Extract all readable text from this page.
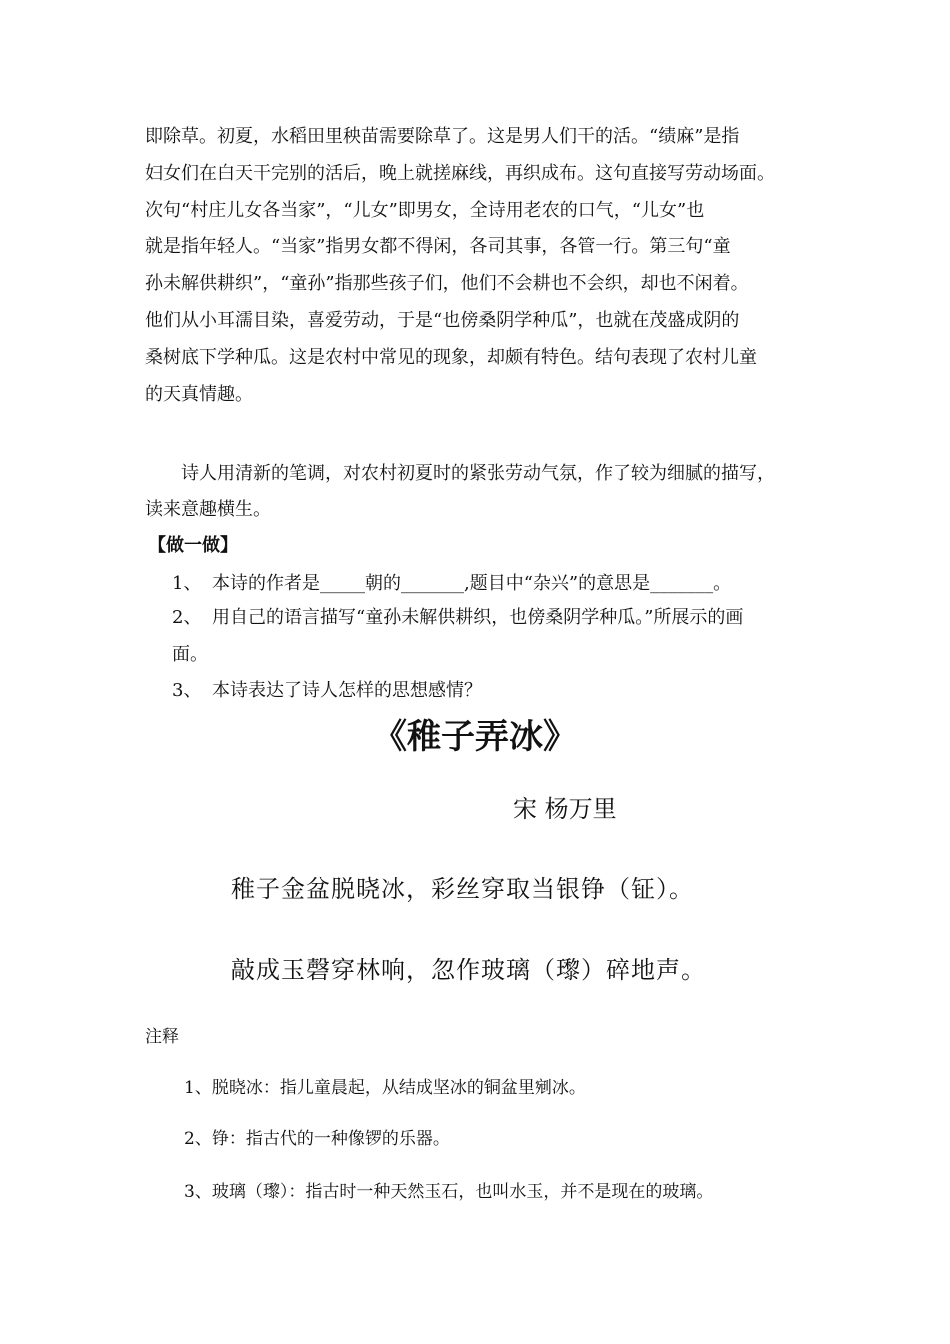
即除草。初夏，水稻田里秧苗需要除草了。这是男人们干的活。“绩麻”是指
妇女们在白天干完别的活后，晚上就搓麻线，再织成布。这句直接写劳动场面。
次句“村庄儿女各当家”，“儿女”即男女，全诗用老农的口气，“儿女”也
就是指年轻人。“当家”指男女都不得闲，各司其事，各管一行。第三句“童
孙未解供耕织”，“童孙”指那些孩子们，他们不会耕也不会织，却也不闲着。
他们从小耳濡目染，喜爱劳动，于是“也傍桑阴学种瓜”，也就在茂盛成阴的
桑树底下学种瓜。这是农村中常见的现象，却颇有特色。结句表现了农村儿童
的天真情趣。
诗人用清新的笔调，对农村初夏时的紧张劳动气氛，作了较为细腻的描写，
读来意趣横生。
【做一做】
1、 本诗的作者是_____朝的_______,题目中“杂兴”的意思是_______。
2、 用自己的语言描写“童孙未解供耕织，也傍桑阴学种瓜。”所展示的画
面。
3、 本诗表达了诗人怎样的思想感情？
《稚子弄冰》
宋 杨万里
稚子金盆脱晓冰，彩丝穿取当银铮（钲）。
敲成玉磬穿林响，忽作玻璃（瓈）碎地声。
注释
1、脱晓冰：指儿童晨起，从结成坚冰的铜盆里剜冰。
2、铮：指古代的一种像锣的乐器。
3、玻璃（瓈）：指古时一种天然玉石，也叫水玉，并不是现在的玻璃。
